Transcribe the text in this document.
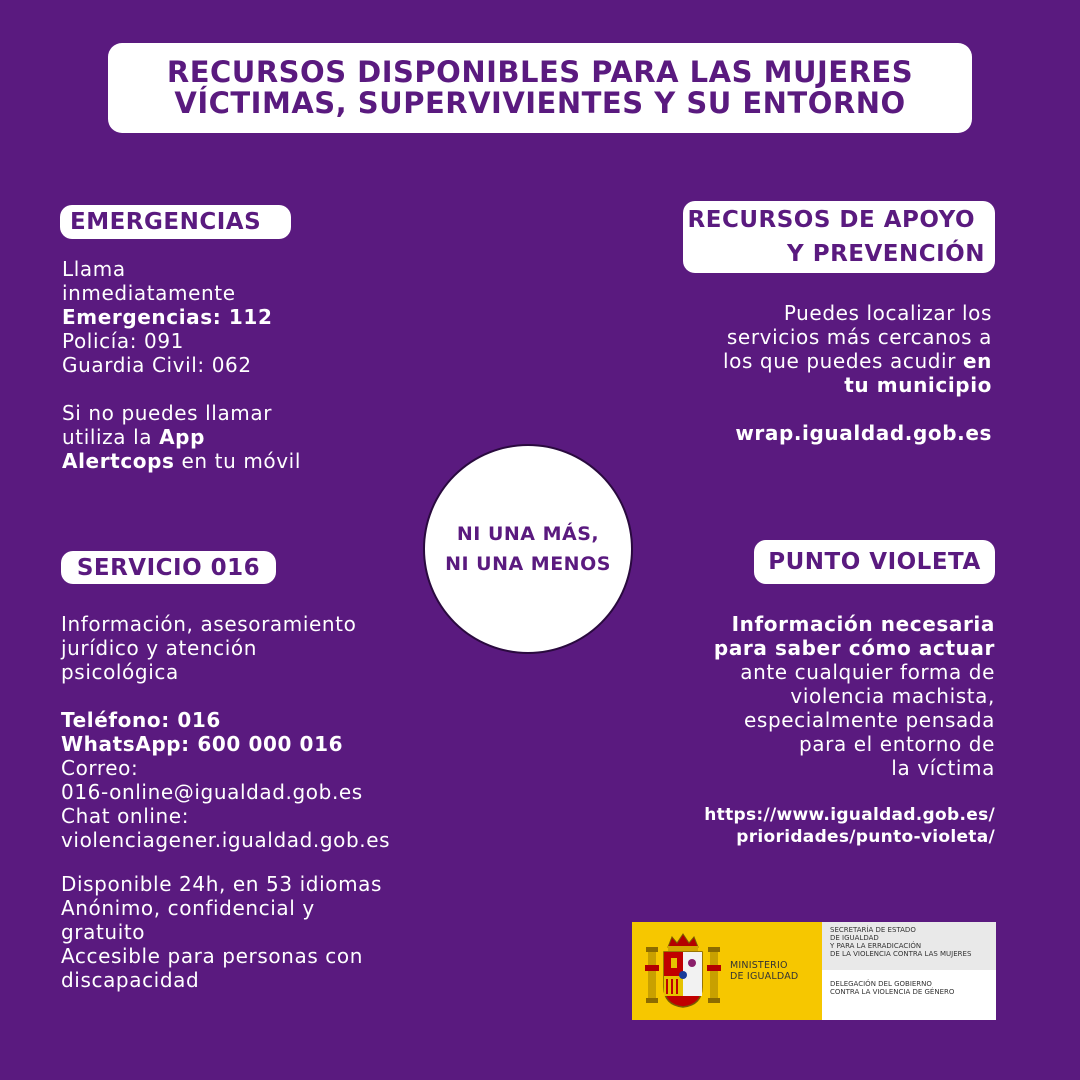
RECURSOS DISPONIBLES PARA LAS MUJERES
VÍCTIMAS, SUPERVIVIENTES Y SU ENTORNO
EMERGENCIAS
Llama
inmediatamente
Emergencias: 112
Policía: 091
Guardia Civil: 062
Si no puedes llamar
utiliza la App
Alertcops en tu móvil
RECURSOS DE APOYO
Y PREVENCIÓN
Puedes localizar los
servicios más cercanos a
los que puedes acudir en
tu municipio
wrap.igualdad.gob.es
NI UNA MÁS,
NI UNA MENOS
SERVICIO 016
Información, asesoramiento
jurídico y atención
psicológica
Teléfono: 016
WhatsApp: 600 000 016
Correo:
016-online@igualdad.gob.es
Chat online:
violenciagener.igualdad.gob.es
Disponible 24h, en 53 idiomas
Anónimo, confidencial y
gratuito
Accesible para personas con
discapacidad
PUNTO VIOLETA
Información necesaria
para saber cómo actuar
ante cualquier forma de
violencia machista,
especialmente pensada
para el entorno de
la víctima
https://www.igualdad.gob.es/
prioridades/punto-violeta/
MINISTERIO
DE IGUALDAD
SECRETARÍA DE ESTADO
DE IGUALDAD
Y PARA LA ERRADICACIÓN
DE LA VIOLENCIA CONTRA LAS MUJERES
DELEGACIÓN DEL GOBIERNO
CONTRA LA VIOLENCIA DE GÉNERO
